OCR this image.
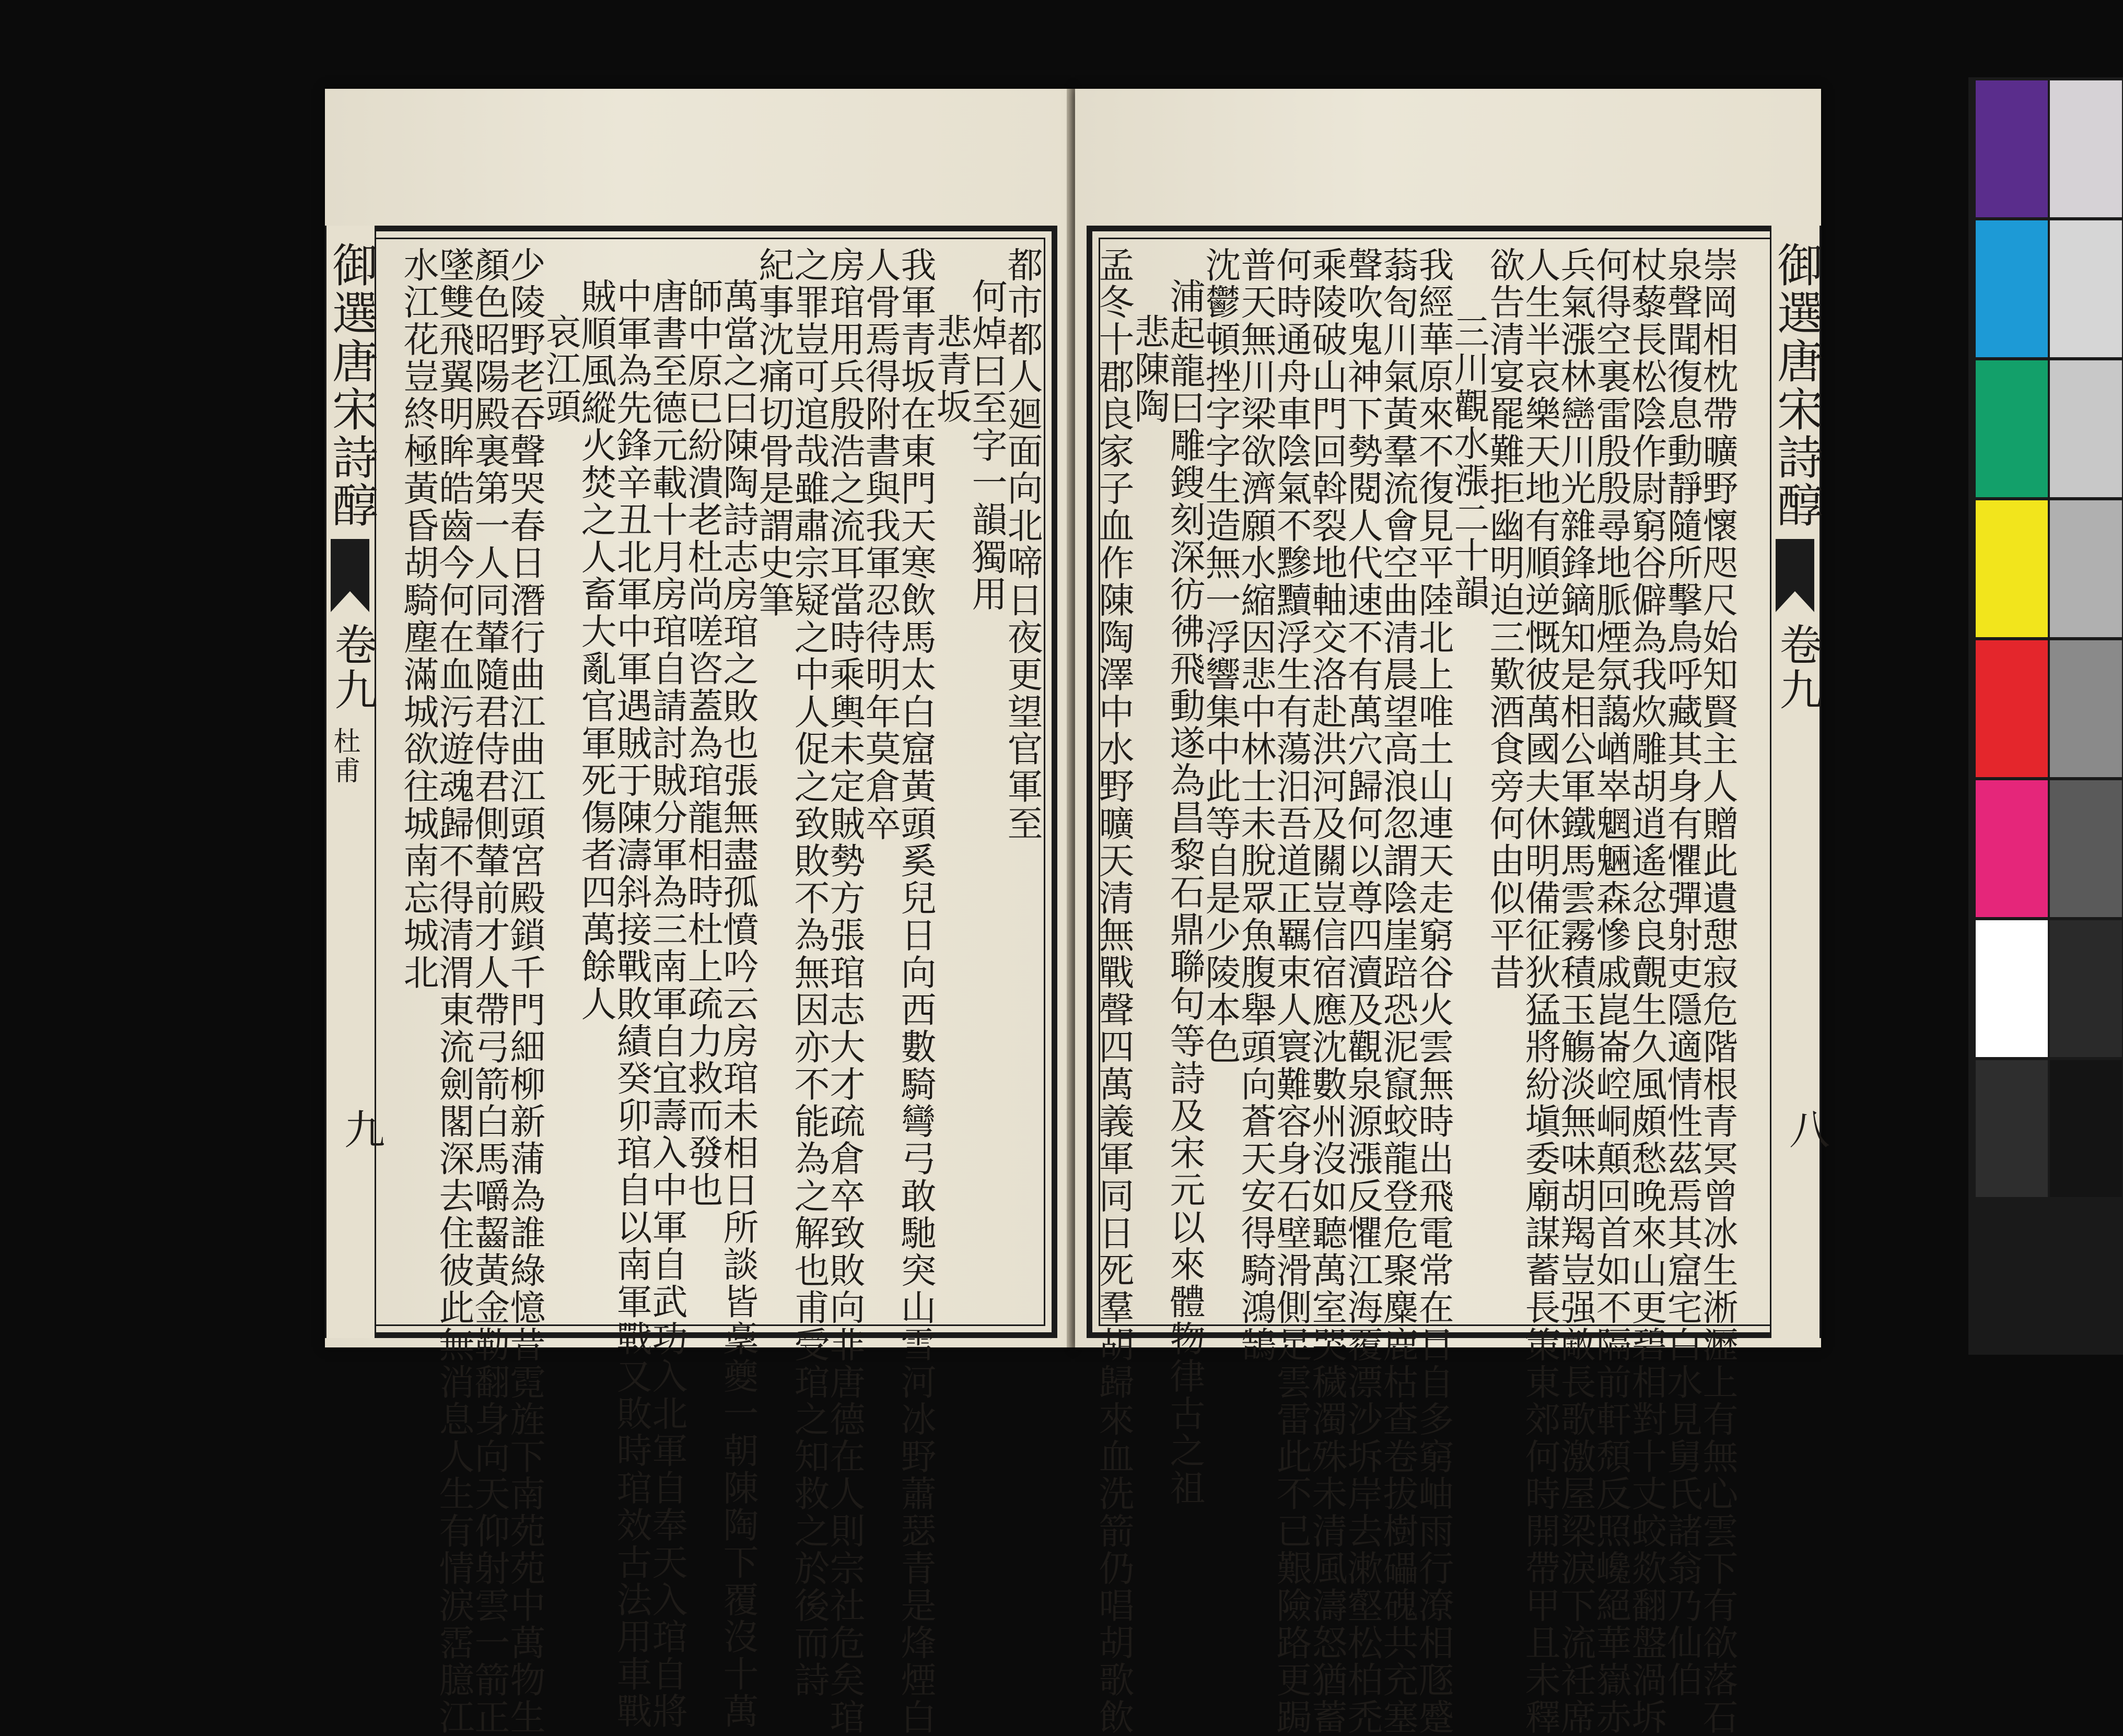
御選唐宋詩醇
卷九
杜甫
九
都市都人廻面向北啼日夜更望官軍至
何焯曰至字一韻獨用
悲青坂
我軍青坂在東門天寒飲馬太白窟黃頭奚兒日向西數騎彎弓敢馳突山雪河冰野蕭瑟青是烽煙白
人骨焉得附書與我軍忍待明年莫倉卒
房琯用兵殷浩之流耳當時乘輿未定賊勢方張琯志大才疏倉卒致敗向非唐德在人則宗社危矣琯
之罪豈可逭哉雖肅宗疑之中人促之致敗不為無因亦不能為之解也甫受琯之知救之於後而詩
紀事沈痛切骨是謂史筆
萬當之曰陳陶詩志房琯之敗也張無盡孤憤吟云房琯未相日所談皆稾夔一朝陳陶下覆沒十萬
師中原已紛潰老杜尚嗟咨蓋為琯龍相時杜上疏力救而發也
唐書至德元載十月房琯自請討賊分軍為三南軍自宜壽入中軍自武功入北軍自奉天入琯自將
中軍為先鋒辛丑北軍中軍遇賊于陳濤斜接戰敗績癸卯琯自以南軍戰又敗時琯效古法用車戰
賊順風縱火焚之人畜大亂官軍死傷者四萬餘人
哀江頭
少陵野老吞聲哭春日潛行曲江曲江頭宮殿鎖千門細柳新蒲為誰綠憶昔霓旌下南苑苑中萬物生
顏色昭陽殿裏第一人同輦隨君侍君側輦前才人帶弓箭白馬嚼齧黃金勒翻身向天仰射雲一箭正
墜雙飛翼明眸皓齒今何在血污遊魂歸不得清渭東流劍閣深去住彼此無消息人生有情淚霑臆江
水江花豈終極黃昏胡騎塵滿城欲往城南忘城北	御選唐宋詩醇
卷九
八
崇岡相枕帶曠野懷咫尺始知賢主人贈此遺憇寂危階根青冥曾冰生淅瀝上有無心雲下有欲落石
泉聲聞復息動靜隨所擊鳥呼藏其身有懼彈射吏隱適情性茲焉其窟宅白水見舅氏諸翁乃仙伯
杖藜長松陰作尉窮谷僻為我炊雕胡逍遙忿良覿生久風頗愁晚來山更碧相對十丈蛟欻翻盤渦坼
何得空裏雷殷殷尋地脈煙氛藹崷崒魍魎森慘戚崑崙崆峒顛回首如不隔前軒頹反照巉絕華嶽赤
兵氣漲林巒川光雜鋒鏑知是相公軍鐵馬雲霧積玉觴淡無味胡羯豈强敵長歌激屋梁淚下流衽席
人生半哀樂天地有順逆慨彼萬國夫休明備征狄猛將紛塡委廟謀蓄長策東郊何時開帶甲且未釋
欲告清宴罷難拒幽明迫三歎酒食旁何由似平昔
三川觀水漲二十韻
我經華原來不復見平陸北上唯土山連天走窮谷火雲無時出飛電常在目自多窮岫雨行潦相豗蹙
蓊匌川氣黃羣流會空曲清晨望高浪忽謂陰崖踣恐泥竄蛟龍登危聚麋鹿枯查卷拔樹礧磈共充塞
聲吹鬼神下勢閱人代速不有萬穴歸何以尊四瀆及觀泉源漲反懼江海覆漂沙坼岸去漱壑松柏禿
乘陵破山門回斡裂地軸交洛赴洪河及關豈信宿應沈數州沒如聽萬室哭穢濁殊未清風濤怒猶蓄
何時通舟車陰氣不黲黷浮生有蕩汨吾道正羈束人寰難容身石壁滑側足雲雷此不已艱險路更跼
普天無川梁欲濟願水縮因悲中林士未脫眾魚腹舉頭向蒼天安得騎鴻鵠
沈鬱頓挫字字生造無一浮響集中此等自是少陵本色
浦起龍曰雕鎪刻深彷彿飛動遂為昌黎石鼎聯句等詩及宋元以來體物律古之祖
悲陳陶
孟冬十郡良家子血作陳陶澤中水野曠天清無戰聲四萬義軍同日死羣胡歸來血洗箭仍唱胡歌飲
